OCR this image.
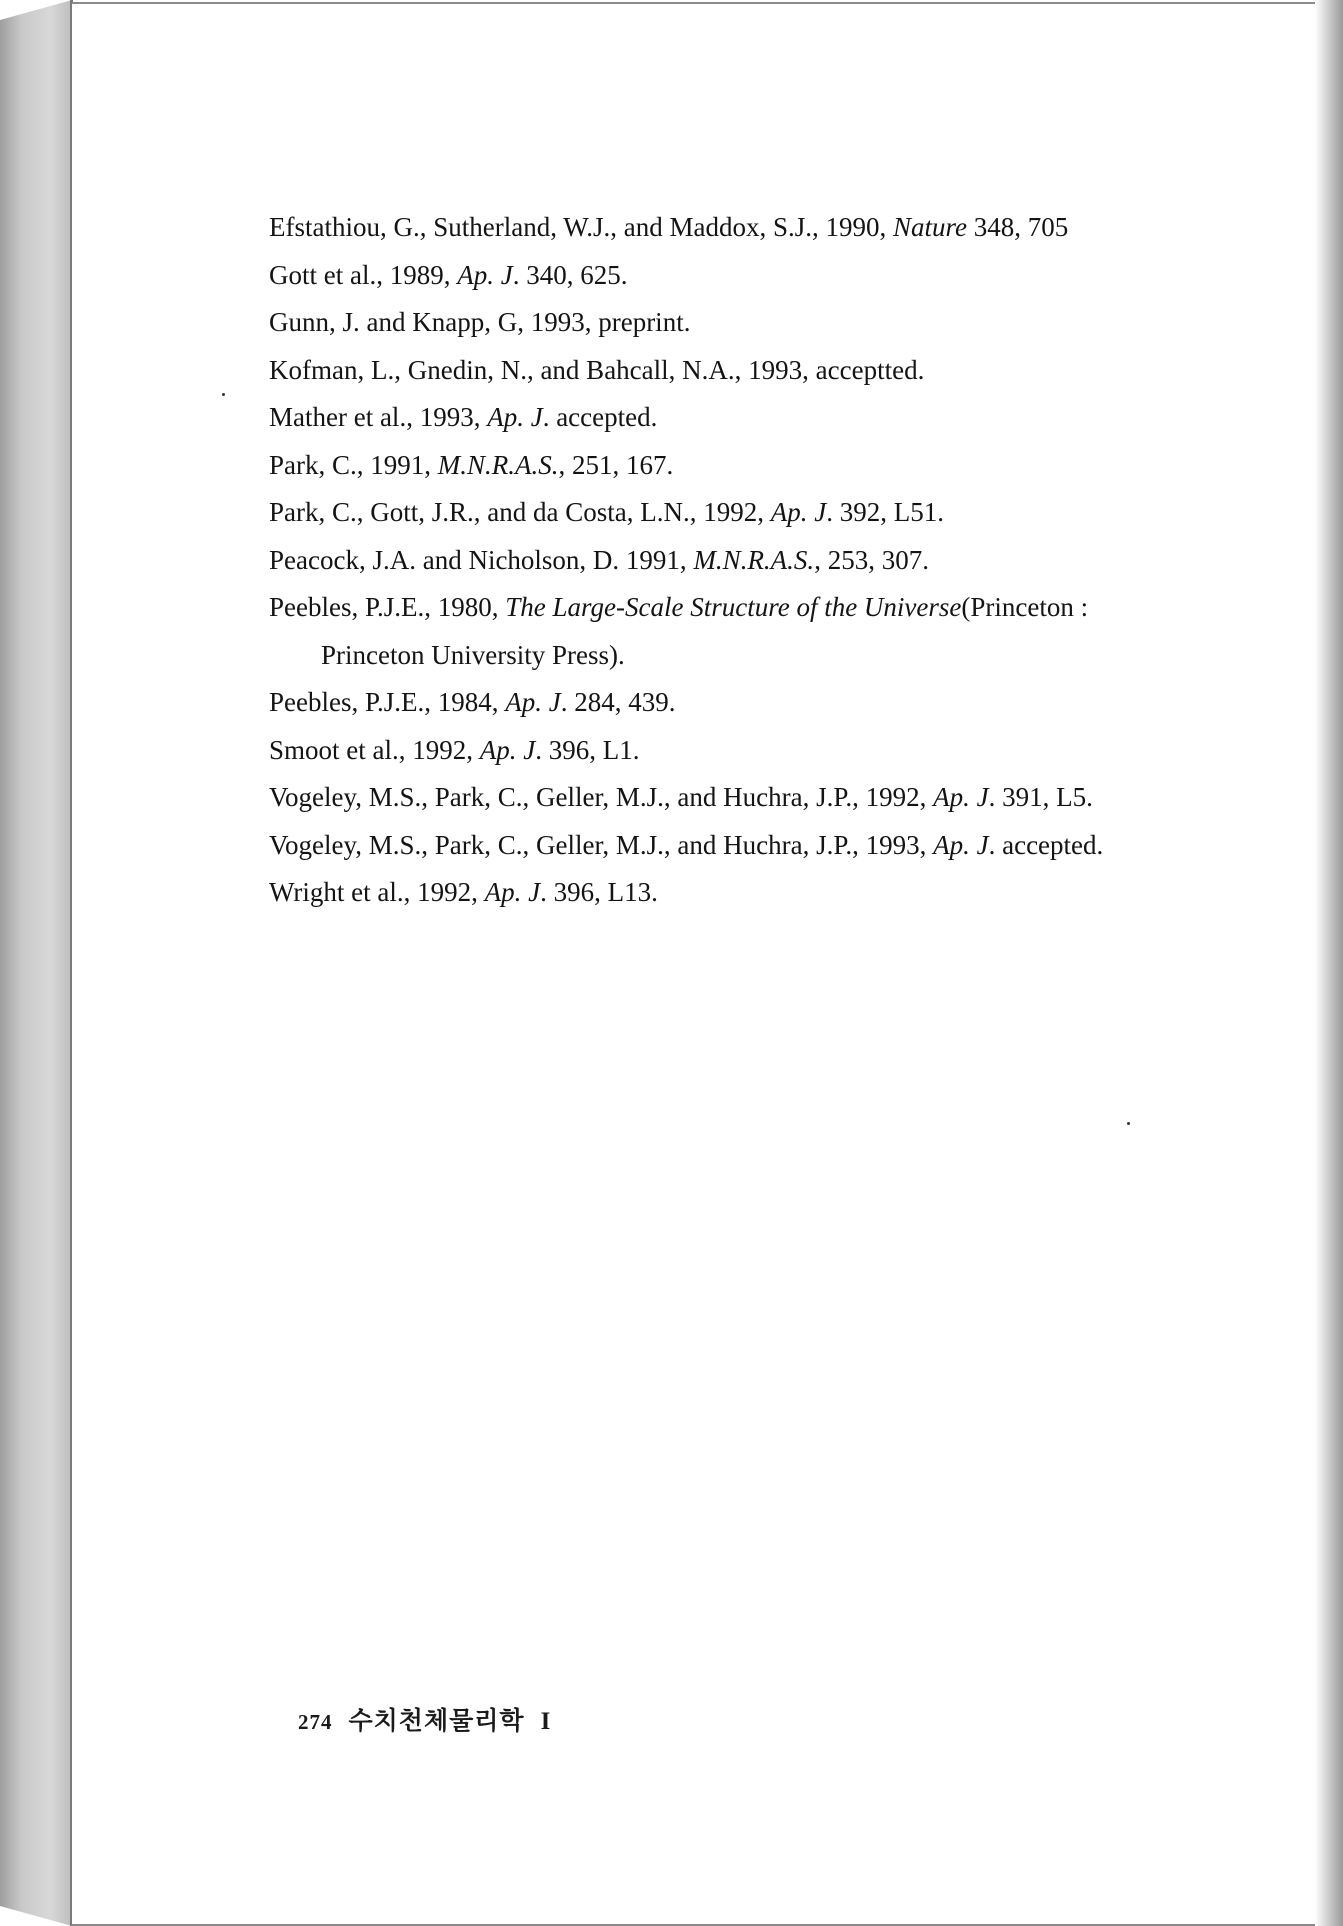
Efstathiou, G., Sutherland, W.J., and Maddox, S.J., 1990, Nature 348, 705
Gott et al., 1989, Ap. J. 340, 625.
Gunn, J. and Knapp, G, 1993, preprint.
Kofman, L., Gnedin, N., and Bahcall, N.A., 1993, acceptted.
Mather et al., 1993, Ap. J. accepted.
Park, C., 1991, M.N.R.A.S., 251, 167.
Park, C., Gott, J.R., and da Costa, L.N., 1992, Ap. J. 392, L51.
Peacock, J.A. and Nicholson, D. 1991, M.N.R.A.S., 253, 307.
Peebles, P.J.E., 1980, The Large-Scale Structure of the Universe(Princeton :
Princeton University Press).
Peebles, P.J.E., 1984, Ap. J. 284, 439.
Smoot et al., 1992, Ap. J. 396, L1.
Vogeley, M.S., Park, C., Geller, M.J., and Huchra, J.P., 1992, Ap. J. 391, L5.
Vogeley, M.S., Park, C., Geller, M.J., and Huchra, J.P., 1993, Ap. J. accepted.
Wright et al., 1992, Ap. J. 396, L13.
274 수치천체물리학 I
